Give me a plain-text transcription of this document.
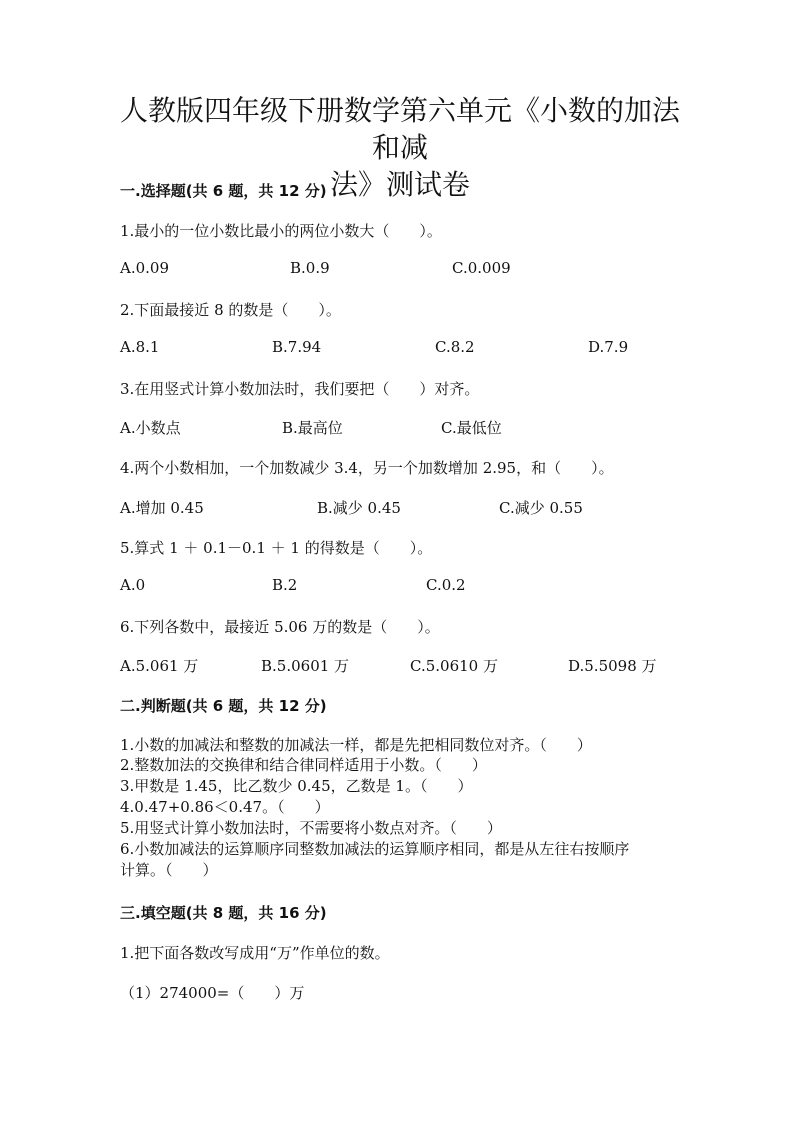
人教版四年级下册数学第六单元《小数的加法和减
法》测试卷
一.选择题(共 6 题，共 12 分)
1.最小的一位小数比最小的两位小数大（　　）。
A.0.09	B.0.9	C.0.009
2.下面最接近 8 的数是（　　）。
A.8.1	B.7.94	C.8.2	D.7.9
3.在用竖式计算小数加法时，我们要把（　　）对齐。
A.小数点	B.最高位	C.最低位
4.两个小数相加，一个加数减少 3.4，另一个加数增加 2.95，和（　　）。
A.增加 0.45	B.减少 0.45	C.减少 0.55
5.算式 1 ＋ 0.1－0.1 ＋ 1 的得数是（　　）。
A.0	B.2	C.0.2
6.下列各数中，最接近 5.06 万的数是（　　）。
A.5.061 万	B.5.0601 万	C.5.0610 万	D.5.5098 万
二.判断题(共 6 题，共 12 分)
1.小数的加减法和整数的加减法一样，都是先把相同数位对齐。（　　）
2.整数加法的交换律和结合律同样适用于小数。（　　）
3.甲数是 1.45，比乙数少 0.45，乙数是 1。（　　）
4.0.47+0.86＜0.47。（　　）
5.用竖式计算小数加法时，不需要将小数点对齐。（　　）
6.小数加减法的运算顺序同整数加减法的运算顺序相同，都是从左往右按顺序
计算。（　　）
三.填空题(共 8 题，共 16 分)
1.把下面各数改写成用“万”作单位的数。
（1）274000=（　　）万
